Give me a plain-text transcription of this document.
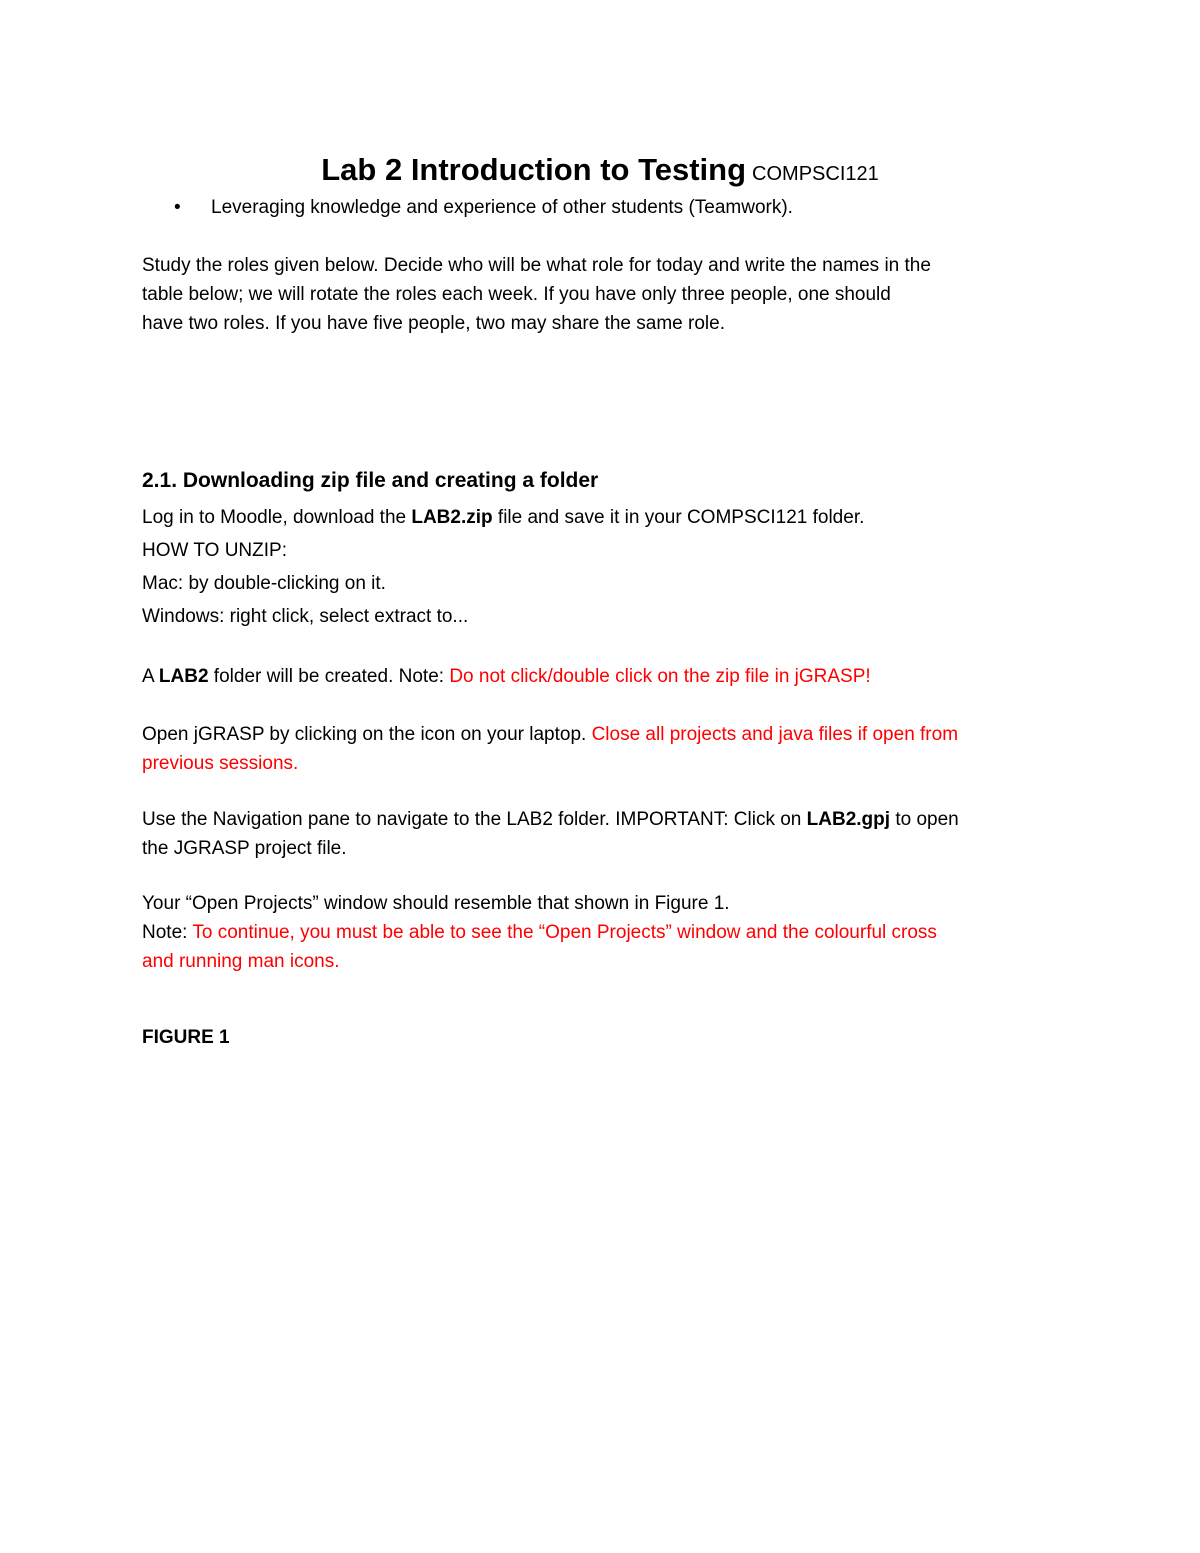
Lab 2 Introduction to Testing COMPSCI121
• Leveraging knowledge and experience of other students (Teamwork).
Study the roles given below. Decide who will be what role for today and write the names in the
table below; we will rotate the roles each week. If you have only three people, one should
have two roles. If you have five people, two may share the same role.
2.1. Downloading zip file and creating a folder
Log in to Moodle, download the LAB2.zip file and save it in your COMPSCI121 folder.
HOW TO UNZIP:
Mac: by double-clicking on it.
Windows: right click, select extract to...
A LAB2 folder will be created. Note: Do not click/double click on the zip file in jGRASP!
Open jGRASP by clicking on the icon on your laptop. Close all projects and java files if open from
previous sessions.
Use the Navigation pane to navigate to the LAB2 folder. IMPORTANT: Click on LAB2.gpj to open
the JGRASP project file.
Your “Open Projects” window should resemble that shown in Figure 1.
Note: To continue, you must be able to see the “Open Projects” window and the colourful cross
and running man icons.
FIGURE 1
